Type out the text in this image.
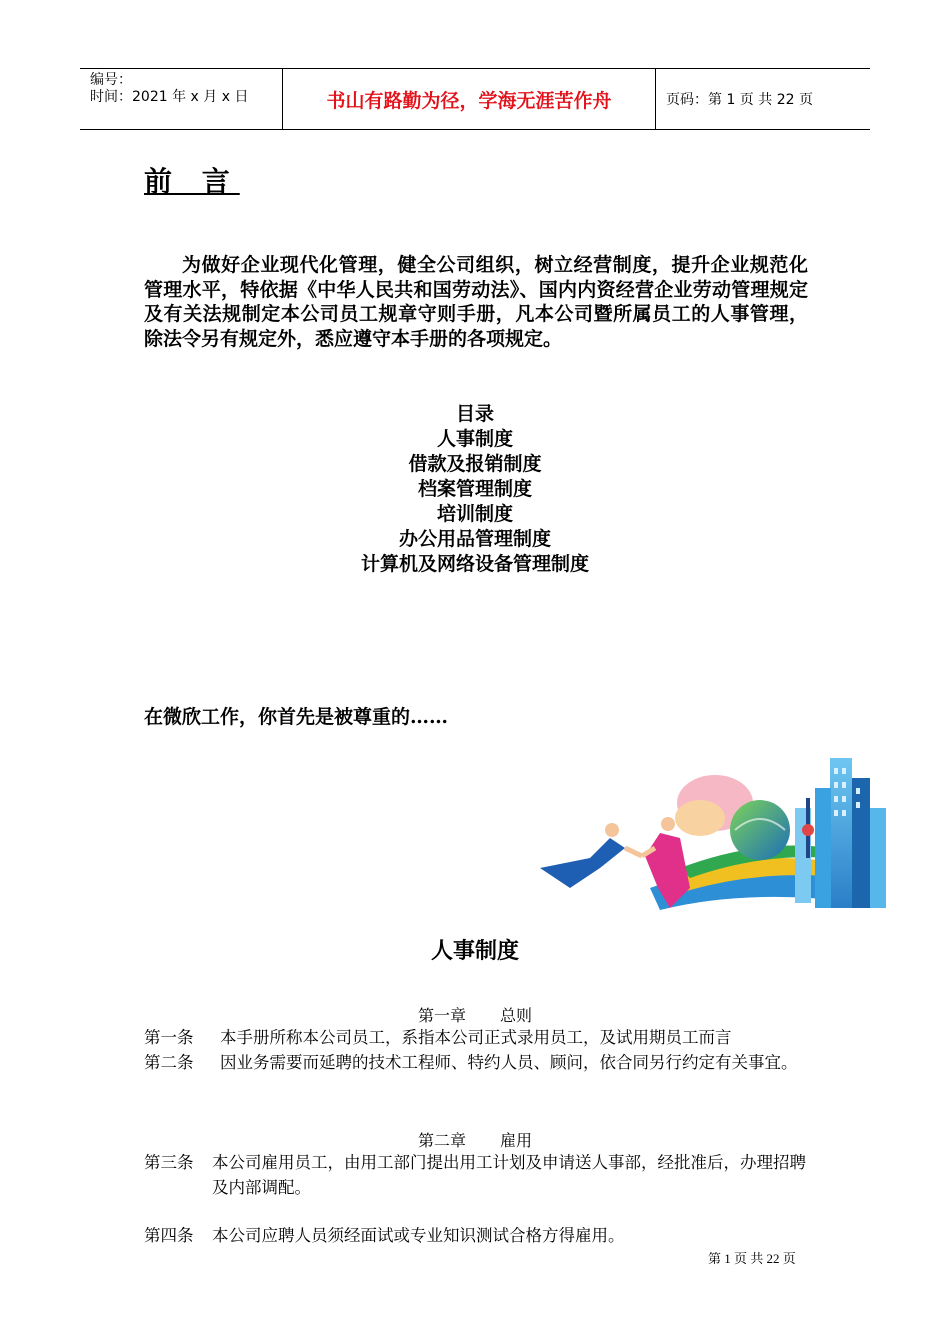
编号：
时间：2021 年 x 月 x 日	书山有路勤为径，学海无涯苦作舟	页码：第 1 页 共 22 页
前 言

为做好企业现代化管理，健全公司组织，树立经营制度，提升企业规范化管理水平，特依据《中华人民共和国劳动法》、国内内资经营企业劳动管理规定及有关法规制定本公司员工规章守则手册，凡本公司暨所属员工的人事管理，除法令另有规定外，悉应遵守本手册的各项规定。

目录
人事制度
借款及报销制度
档案管理制度
培训制度
办公用品管理制度
计算机及网络设备管理制度
在微欣工作，你首先是被尊重的……
人事制度
第一章 总则
第一条 本手册所称本公司员工，系指本公司正式录用员工，及试用期员工而言
第二条 因业务需要而延聘的技术工程师、特约人员、顾问，依合同另行约定有关事宜。
第二章 雇用
第三条 本公司雇用员工，由用工部门提出用工计划及申请送人事部，经批准后，办理招聘及内部调配。
第四条 本公司应聘人员须经面试或专业知识测试合格方得雇用。
第 1 页 共 22 页
